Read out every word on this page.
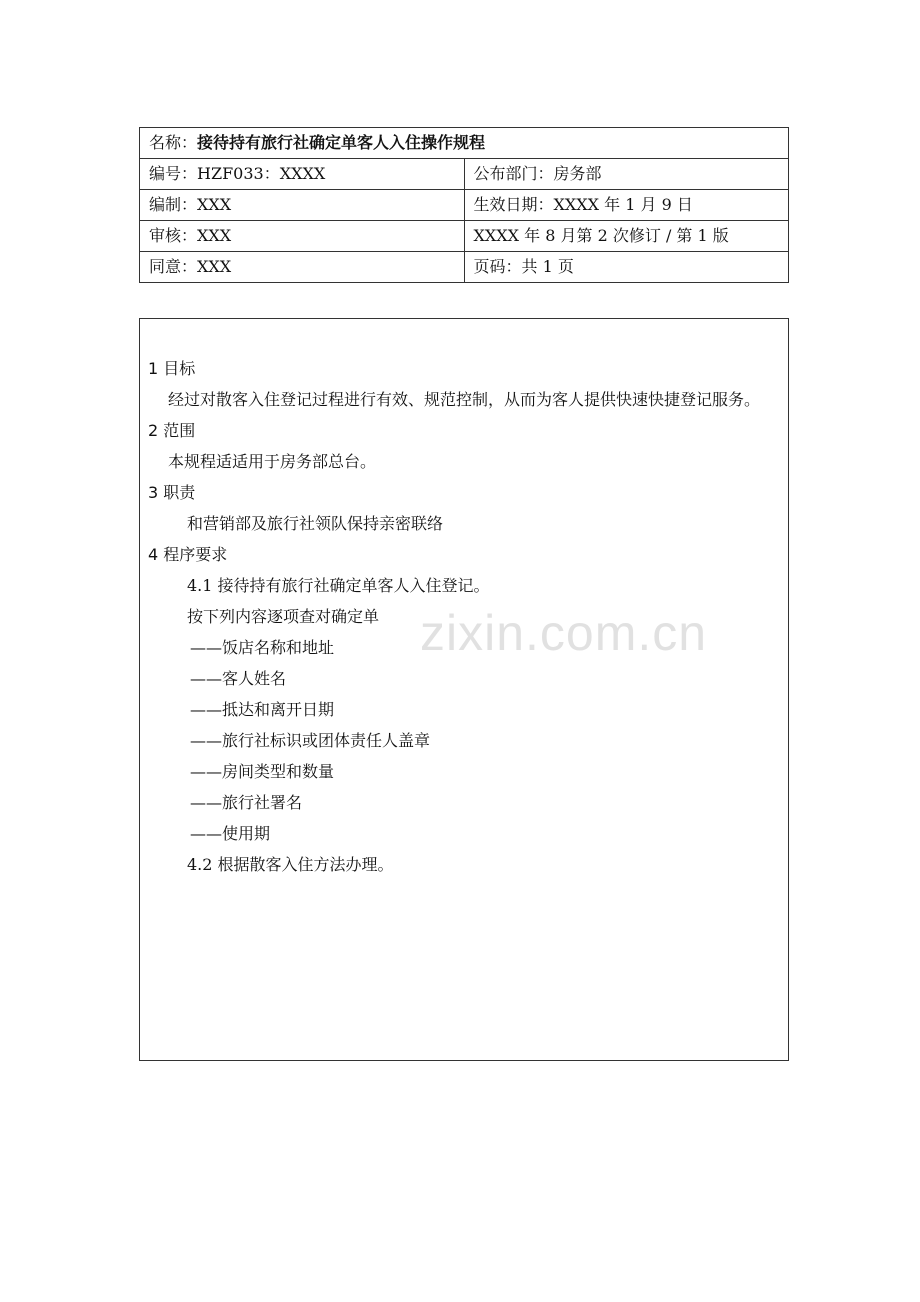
名称：接待持有旅行社确定单客人入住操作规程	
编号：HZF033：XXXX	公布部门：房务部
编制：XXX	生效日期：XXXX 年 1 月 9 日
审核：XXX	XXXX 年 8 月第 2 次修订 / 第 1 版
同意：XXX	页码：共 1 页
1 目标
经过对散客入住登记过程进行有效、规范控制，从而为客人提供快速快捷登记服务。
2 范围
本规程适适用于房务部总台。
3 职责
和营销部及旅行社领队保持亲密联络
4 程序要求
4.1 接待持有旅行社确定单客人入住登记。
按下列内容逐项查对确定单
——饭店名称和地址
——客人姓名
——抵达和离开日期
——旅行社标识或团体责任人盖章
——房间类型和数量
——旅行社署名
——使用期
4.2 根据散客入住方法办理。
zixin.com.cn
